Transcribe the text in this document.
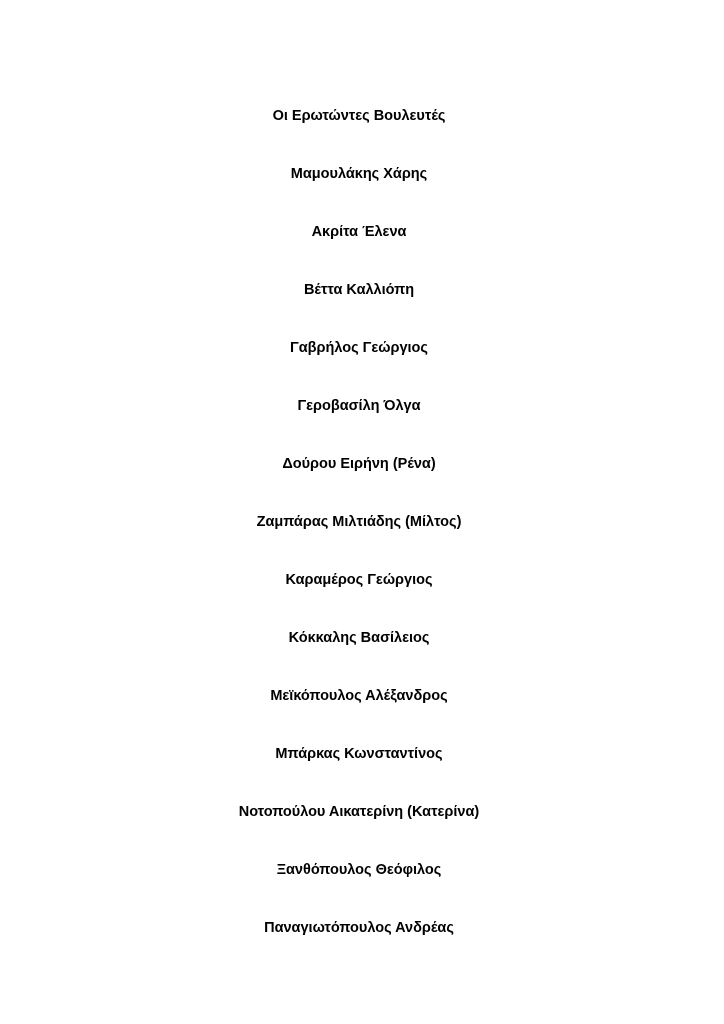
Οι Ερωτώντες Βουλευτές
Μαμουλάκης Χάρης
Ακρίτα Έλενα
Βέττα Καλλιόπη
Γαβρήλος Γεώργιος
Γεροβασίλη Όλγα
Δούρου Ειρήνη (Ρένα)
Ζαμπάρας Μιλτιάδης (Μίλτος)
Καραμέρος Γεώργιος
Κόκκαλης Βασίλειος
Μεϊκόπουλος Αλέξανδρος
Μπάρκας Κωνσταντίνος
Νοτοπούλου Αικατερίνη (Κατερίνα)
Ξανθόπουλος Θεόφιλος
Παναγιωτόπουλος Ανδρέας
